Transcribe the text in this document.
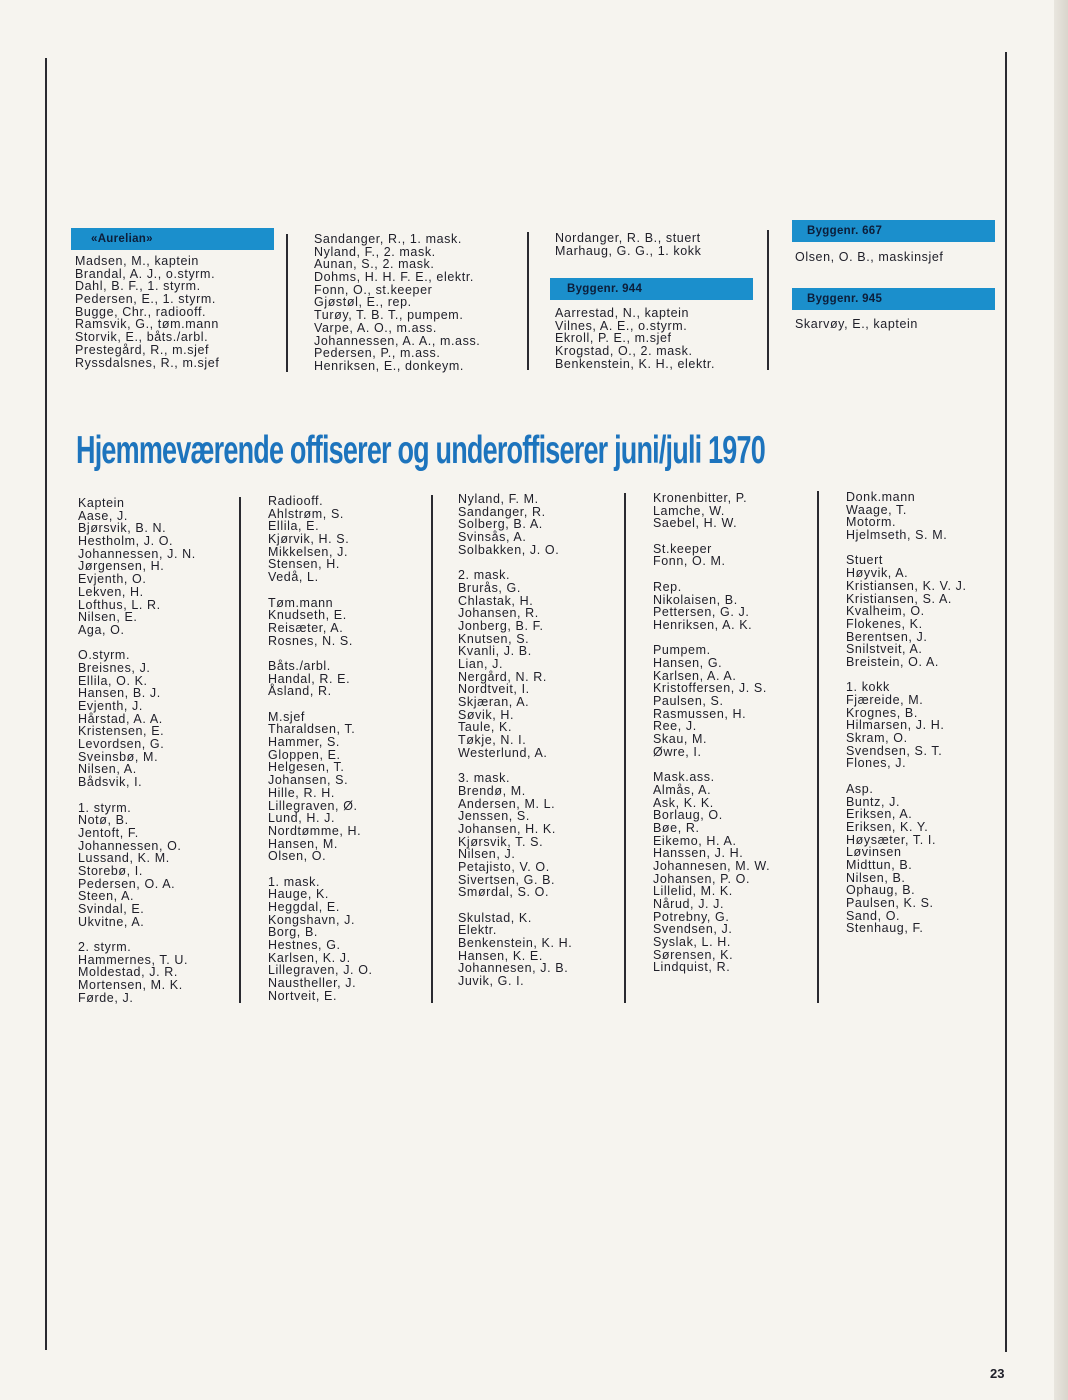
«Aurelian»
Madsen, M., kaptein
Brandal, A. J., o.styrm.
Dahl, B. F., 1. styrm.
Pedersen, E., 1. styrm.
Bugge, Chr., radiooff.
Ramsvik, G., tøm.mann
Storvik, E., båts./arbl.
Prestegård, R., m.sjef
Ryssdalsnes, R., m.sjef
Sandanger, R., 1. mask.
Nyland, F., 2. mask.
Aunan, S., 2. mask.
Dohms, H. H. F. E., elektr.
Fonn, O., st.keeper
Gjøstøl, E., rep.
Turøy, T. B. T., pumpem.
Varpe, A. O., m.ass.
Johannessen, A. A., m.ass.
Pedersen, P., m.ass.
Henriksen, E., donkeym.
Nordanger, R. B., stuert
Marhaug, G. G., 1. kokk
Byggenr. 944
Aarrestad, N., kaptein
Vilnes, A. E., o.styrm.
Ekroll, P. E., m.sjef
Krogstad, O., 2. mask.
Benkenstein, K. H., elektr.
Byggenr. 667
Olsen, O. B., maskinsjef
Byggenr. 945
Skarvøy, E., kaptein
Hjemmeværende offiserer og underoffiserer juni/juli 1970
Kaptein
Aase, J.
Bjørsvik, B. N.
Hestholm, J. O.
Johannessen, J. N.
Jørgensen, H.
Evjenth, O.
Lekven, H.
Lofthus, L. R.
Nilsen, E.
Aga, O.
O.styrm.
Breisnes, J.
Ellila, O. K.
Hansen, B. J.
Evjenth, J.
Hårstad, A. A.
Kristensen, E.
Levordsen, G.
Sveinsbø, M.
Nilsen, A.
Bådsvik, I.
1. styrm.
Notø, B.
Jentoft, F.
Johannessen, O.
Lussand, K. M.
Storebø, I.
Pedersen, O. A.
Steen, A.
Svindal, E.
Ukvitne, A.
2. styrm.
Hammernes, T. U.
Moldestad, J. R.
Mortensen, M. K.
Førde, J.
Radiooff.
Ahlstrøm, S.
Ellila, E.
Kjørvik, H. S.
Mikkelsen, J.
Stensen, H.
Vedå, L.
Tøm.mann
Knudseth, E.
Reisæter, A.
Rosnes, N. S.
Båts./arbl.
Handal, R. E.
Åsland, R.
M.sjef
Tharaldsen, T.
Hammer, S.
Gloppen, E.
Helgesen, T.
Johansen, S.
Hille, R. H.
Lillegraven, Ø.
Lund, H. J.
Nordtømme, H.
Hansen, M.
Olsen, O.
1. mask.
Hauge, K.
Heggdal, E.
Kongshavn, J.
Borg, B.
Hestnes, G.
Karlsen, K. J.
Lillegraven, J. O.
Nausthеller, J.
Nortveit, E.
Nyland, F. M.
Sandanger, R.
Solberg, B. A.
Svinsås, A.
Solbakken, J. O.
2. mask.
Brurås, G.
Chlastak, H.
Johansen, R.
Jonberg, B. F.
Knutsen, S.
Kvanli, J. B.
Lian, J.
Nergård, N. R.
Nordtveit, I.
Skjæran, A.
Søvik, H.
Taule, K.
Tøkje, N. I.
Westerlund, A.
3. mask.
Brendø, M.
Andersen, M. L.
Jenssen, S.
Johansen, H. K.
Kjørsvik, T. S.
Nilsen, J.
Petajisto, V. O.
Sivertsen, G. B.
Smørdal, S. O.
Skulstad, K.
Elektr.
Benkenstein, K. H.
Hansen, K. E.
Johannesen, J. B.
Juvik, G. I.
Kronenbitter, P.
Lamche, W.
Saebel, H. W.
St.keeper
Fonn, O. M.
Rep.
Nikolaisen, B.
Pettersen, G. J.
Henriksen, A. K.
Pumpem.
Hansen, G.
Karlsen, A. A.
Kristoffersen, J. S.
Paulsen, S.
Rasmussen, H.
Rее, J.
Skau, M.
Øwre, I.
Mask.ass.
Almås, A.
Ask, K. K.
Borlaug, O.
Bøe, R.
Eikemo, H. A.
Hanssen, J. H.
Johannesen, M. W.
Johansen, P. O.
Lillelid, M. K.
Nårud, J. J.
Potrebny, G.
Svendsen, J.
Syslak, L. H.
Sørensen, K.
Lindquist, R.
Donk.mann
Waage, T.
Motorm.
Hjelmseth, S. M.
Stuert
Høyvik, A.
Kristiansen, K. V. J.
Kristiansen, S. A.
Kvalheim, O.
Flokenes, K.
Berentsen, J.
Snilstveit, A.
Breistein, O. A.
1. kokk
Fjæreide, M.
Krognes, B.
Hilmarsen, J. H.
Skram, O.
Svendsen, S. T.
Flones, J.
Asp.
Buntz, J.
Eriksen, A.
Eriksen, K. Y.
Høysæter, T. I.
Løvinsen
Midttun, B.
Nilsen, B.
Ophaug, B.
Paulsen, K. S.
Sand, O.
Stenhaug, F.
23
